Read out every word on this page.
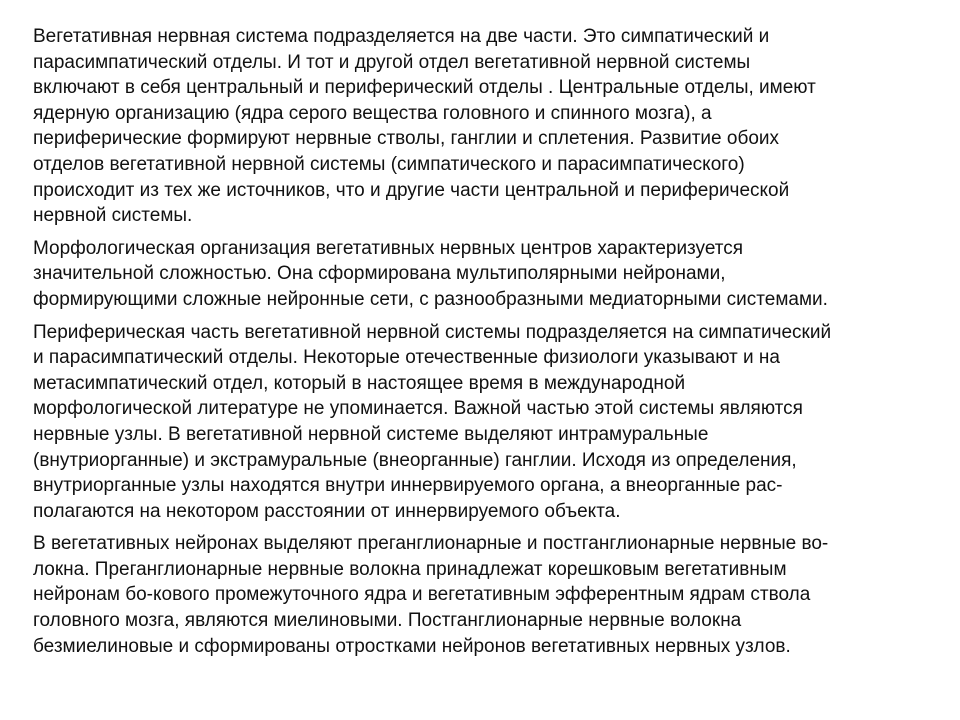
Вегетативная нервная система подразделяется на две части. Это симпатический и
парасимпатический отделы. И тот и другой отдел вегетативной нервной системы
включают в себя центральный и периферический отделы . Центральные отделы, имеют
ядерную организацию (ядра серого вещества головного и спинного мозга), а
периферические формируют нервные стволы, ганглии и сплетения. Развитие обоих
отделов вегетативной нервной системы (симпатического и парасимпатического)
происходит из тех же источников, что и другие части центральной и периферической
нервной системы.

Морфологическая организация вегетативных нервных центров характеризуется
значительной сложностью. Она сформирована мультиполярными нейронами,
формирующими сложные нейронные сети, с разнообразными медиаторными системами.

Периферическая часть вегетативной нервной системы подразделяется на симпатический
и парасимпатический отделы. Некоторые отечественные физиологи указывают и на
метасимпатический отдел, который в настоящее время в международной
морфологической литературе не упоминается. Важной частью этой системы являются
нервные узлы. В вегетативной нервной системе выделяют интрамуральные
(внутриорганные) и экстрамуральные (внеорганные) ганглии. Исходя из определения,
внутриорганные узлы находятся внутри иннервируемого органа, а внеорганные рас-
полагаются на некотором расстоянии от иннервируемого объекта.

В вегетативных нейронах выделяют преганглионарные и постганглионарные нервные во-
локна. Преганглионарные нервные волокна принадлежат корешковым вегетативным
нейронам бо-кового промежуточного ядра и вегетативным эфферентным ядрам ствола
головного мозга, являются миелиновыми. Постганглионарные нервные волокна
безмиелиновые и сформированы отростками нейронов вегетативных нервных узлов.
